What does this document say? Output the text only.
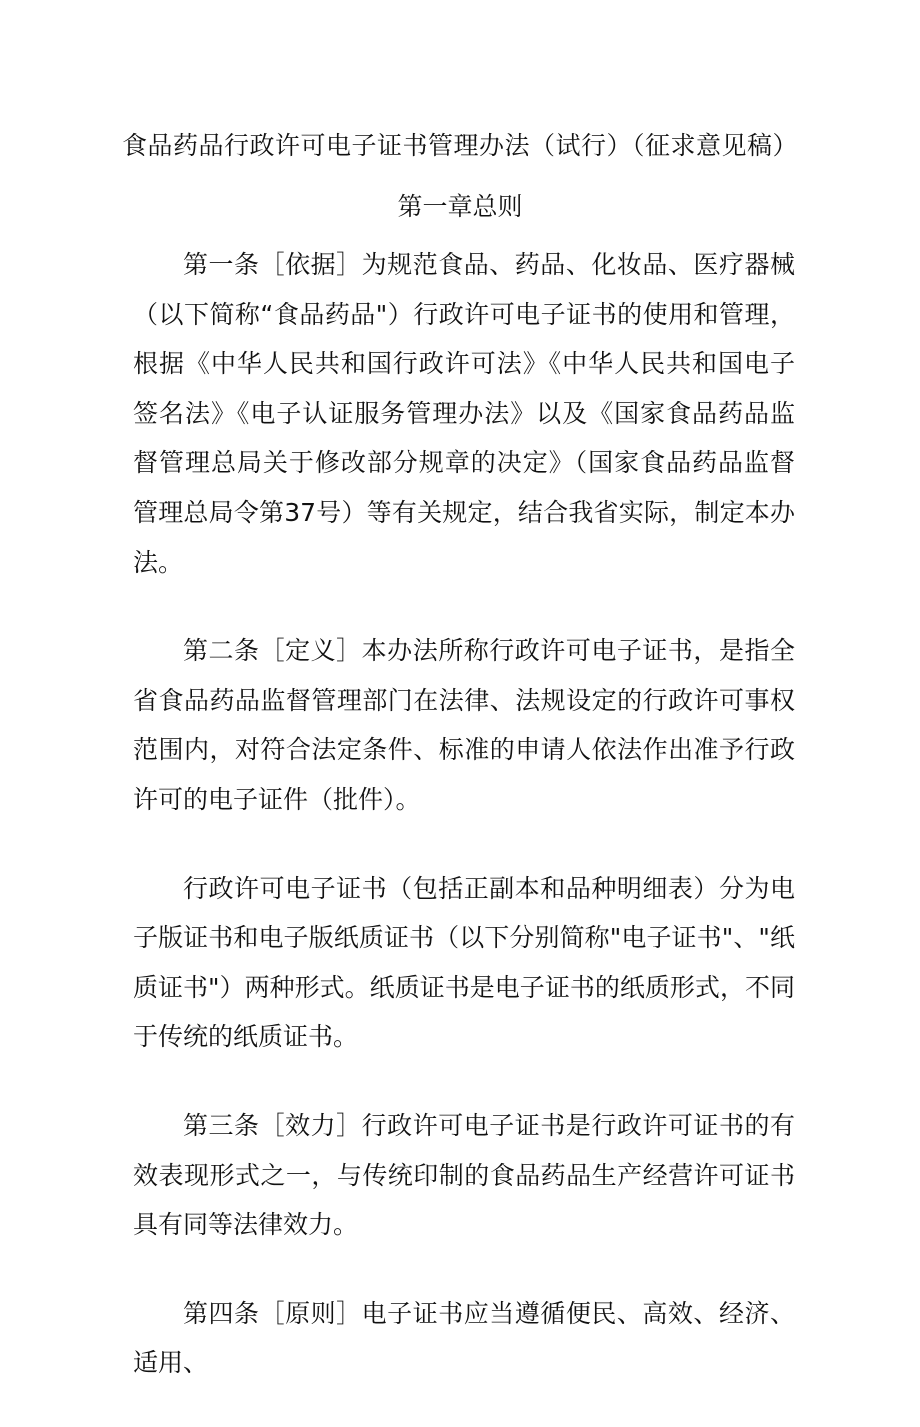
食品药品行政许可电子证书管理办法（试行）（征求意见稿）
第一章总则

第一条［依据］为规范食品、药品、化妆品、医疗器械（以下简称“食品药品"）行政许可电子证书的使用和管理，根据《中华人民共和国行政许可法》《中华人民共和国电子签名法》《电子认证服务管理办法》以及《国家食品药品监督管理总局关于修改部分规章的决定》（国家食品药品监督管理总局令第37号）等有关规定，结合我省实际，制定本办法。

第二条［定义］本办法所称行政许可电子证书，是指全省食品药品监督管理部门在法律、法规设定的行政许可事权范围内，对符合法定条件、标准的申请人依法作出准予行政许可的电子证件（批件）。

行政许可电子证书（包括正副本和品种明细表）分为电子版证书和电子版纸质证书（以下分别简称"电子证书"、"纸质证书"）两种形式。纸质证书是电子证书的纸质形式，不同于传统的纸质证书。

第三条［效力］行政许可电子证书是行政许可证书的有效表现形式之一，与传统印制的食品药品生产经营许可证书具有同等法律效力。

第四条［原则］电子证书应当遵循便民、高效、经济、适用、
